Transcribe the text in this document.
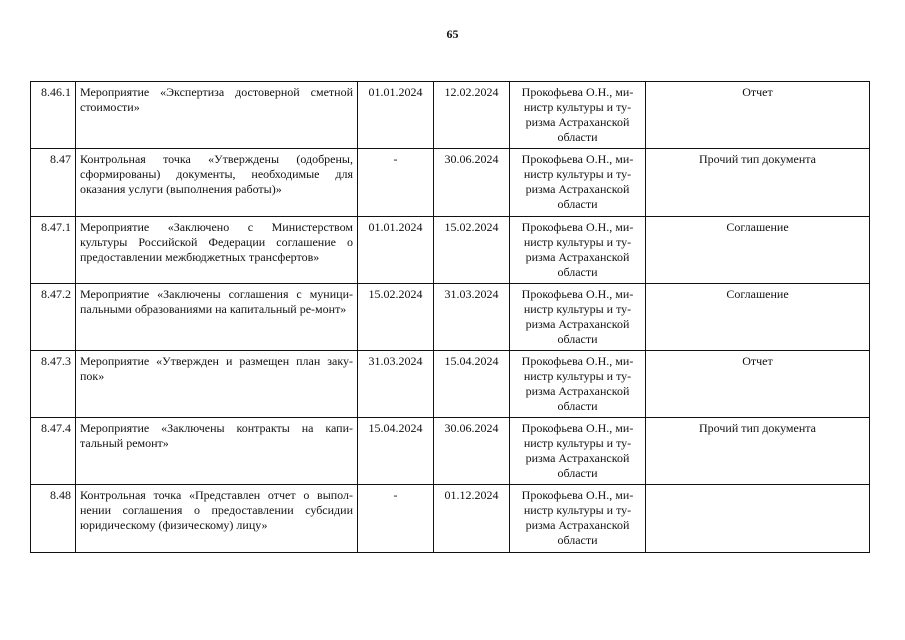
65
8.46.1	Мероприятие «Экспертиза достоверной сметной стоимости»	01.01.2024	12.02.2024	Прокофьева О.Н., ми-
нистр культуры и ту-
ризма Астраханской
области	Отчет
8.47	Контрольная точка «Утверждены (одобрены, сформированы) документы, необходимые для оказания услуги (выполнения работы)»	-	30.06.2024	Прокофьева О.Н., ми-
нистр культуры и ту-
ризма Астраханской
области	Прочий тип документа
8.47.1	Мероприятие «Заключено с Министерством культуры Российской Федерации соглашение о предоставлении межбюджетных трансфертов»	01.01.2024	15.02.2024	Прокофьева О.Н., ми-
нистр культуры и ту-
ризма Астраханской
области	Соглашение
8.47.2	Мероприятие «Заключены соглашения с муници-пальными образованиями на капитальный ре-монт»	15.02.2024	31.03.2024	Прокофьева О.Н., ми-
нистр культуры и ту-
ризма Астраханской
области	Соглашение
8.47.3	Мероприятие «Утвержден и размещен план заку-пок»	31.03.2024	15.04.2024	Прокофьева О.Н., ми-
нистр культуры и ту-
ризма Астраханской
области	Отчет
8.47.4	Мероприятие «Заключены контракты на капи-тальный ремонт»	15.04.2024	30.06.2024	Прокофьева О.Н., ми-
нистр культуры и ту-
ризма Астраханской
области	Прочий тип документа
8.48	Контрольная точка «Представлен отчет о выпол-нении соглашения о предоставлении субсидии юридическому (физическому) лицу»	-	01.12.2024	Прокофьева О.Н., ми-
нистр культуры и ту-
ризма Астраханской
области	
